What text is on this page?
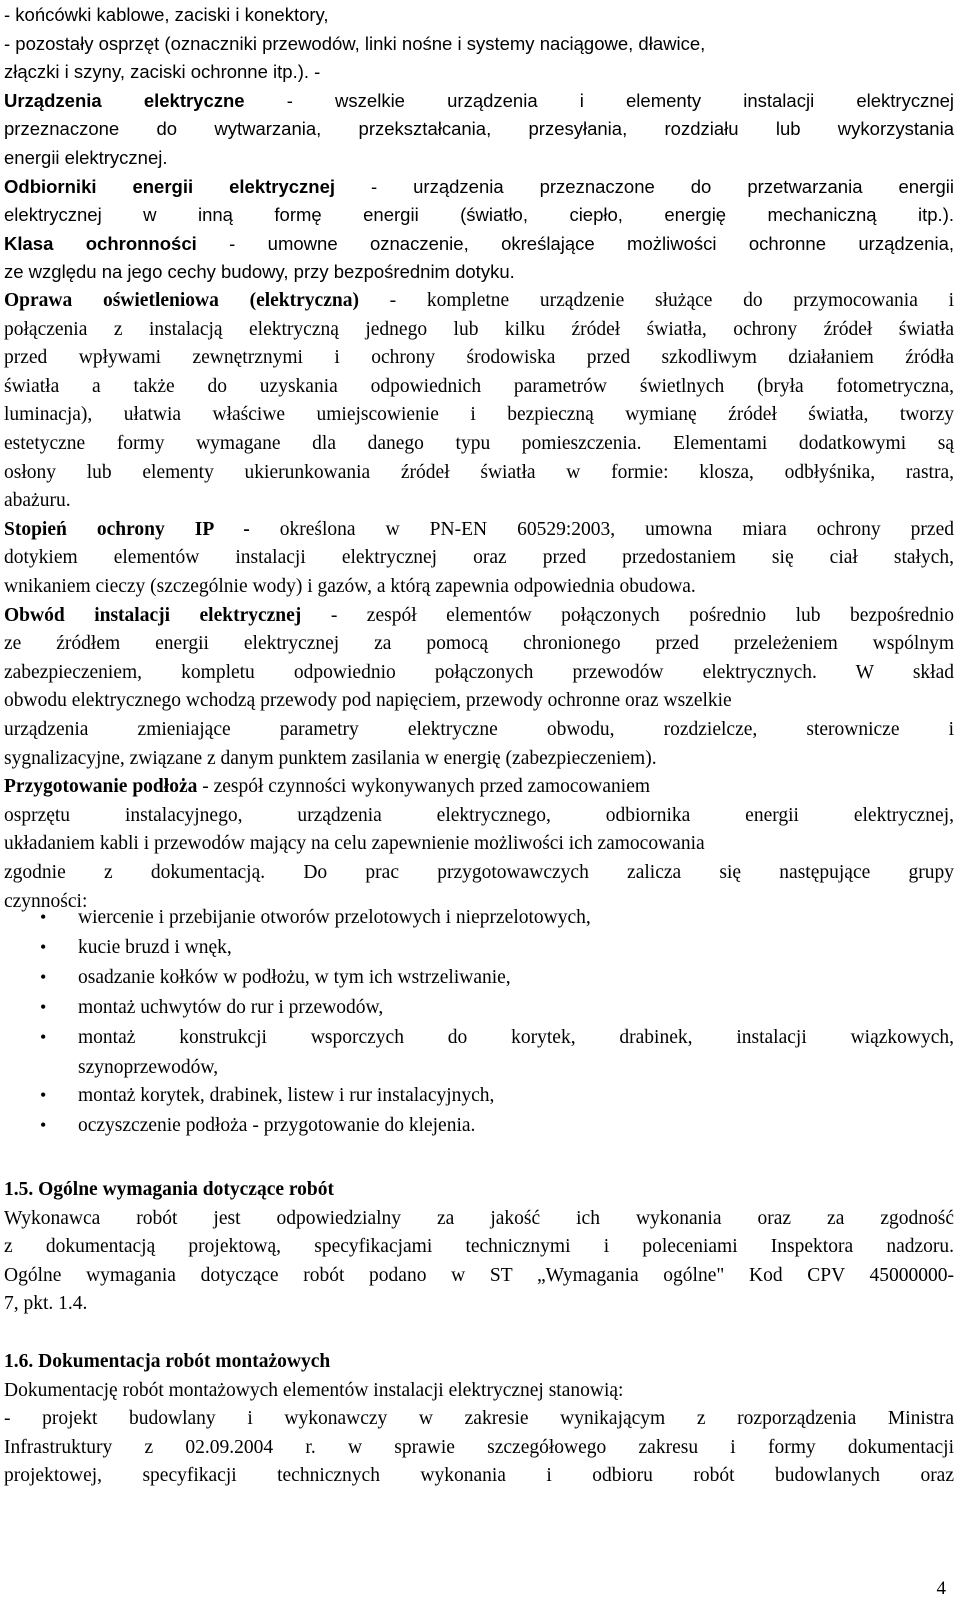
- końcówki kablowe, zaciski i konektory,
- pozostały osprzęt (oznaczniki przewodów, linki nośne i systemy naciągowe, dławice,
złączki i szyny, zaciski ochronne itp.). -
Urządzenia elektryczne - wszelkie urządzenia i elementy instalacji elektrycznej
przeznaczone do wytwarzania, przekształcania, przesyłania, rozdziału lub wykorzystania
energii elektrycznej.
Odbiorniki energii elektrycznej - urządzenia przeznaczone do przetwarzania energii
elektrycznej w inną formę energii (światło, ciepło, energię mechaniczną itp.).
Klasa ochronności - umowne oznaczenie, określające możliwości ochronne urządzenia,
ze względu na jego cechy budowy, przy bezpośrednim dotyku.
Oprawa oświetleniowa (elektryczna) - kompletne urządzenie służące do przymocowania i
połączenia z instalacją elektryczną jednego lub kilku źródeł światła, ochrony źródeł światła
przed wpływami zewnętrznymi i ochrony środowiska przed szkodliwym działaniem źródła
światła a także do uzyskania odpowiednich parametrów świetlnych (bryła fotometryczna,
luminacja), ułatwia właściwe umiejscowienie i bezpieczną wymianę źródeł światła, tworzy
estetyczne formy wymagane dla danego typu pomieszczenia. Elementami dodatkowymi są
osłony lub elementy ukierunkowania źródeł światła w formie: klosza, odbłyśnika, rastra,
abażuru.
Stopień ochrony IP - określona w PN-EN 60529:2003, umowna miara ochrony przed
dotykiem elementów instalacji elektrycznej oraz przed przedostaniem się ciał stałych,
wnikaniem cieczy (szczególnie wody) i gazów, a którą zapewnia odpowiednia obudowa.
Obwód instalacji elektrycznej - zespół elementów połączonych pośrednio lub bezpośrednio
ze źródłem energii elektrycznej za pomocą chronionego przed przeleżeniem wspólnym
zabezpieczeniem, kompletu odpowiednio połączonych przewodów elektrycznych. W skład
obwodu elektrycznego wchodzą przewody pod napięciem, przewody ochronne oraz wszelkie
urządzenia zmieniające parametry elektryczne obwodu, rozdzielcze, sterownicze i
sygnalizacyjne, związane z danym punktem zasilania w energię (zabezpieczeniem).
Przygotowanie podłoża - zespół czynności wykonywanych przed zamocowaniem
osprzętu instalacyjnego, urządzenia elektrycznego, odbiornika energii elektrycznej,
układaniem kabli i przewodów mający na celu zapewnienie możliwości ich zamocowania
zgodnie z dokumentacją. Do prac przygotowawczych zalicza się następujące grupy
czynności:
• wiercenie i przebijanie otworów przelotowych i nieprzelotowych,
• kucie bruzd i wnęk,
• osadzanie kołków w podłożu, w tym ich wstrzeliwanie,
• montaż uchwytów do rur i przewodów,
• montaż konstrukcji wsporczych do korytek, drabinek, instalacji wiązkowych,
szynoprzewodów,
• montaż korytek, drabinek, listew i rur instalacyjnych,
• oczyszczenie podłoża - przygotowanie do klejenia.
1.5. Ogólne wymagania dotyczące robót
Wykonawca robót jest odpowiedzialny za jakość ich wykonania oraz za zgodność
z dokumentacją projektową, specyfikacjami technicznymi i poleceniami Inspektora nadzoru.
Ogólne wymagania dotyczące robót podano w ST „Wymagania ogólne" Kod CPV 45000000-
7, pkt. 1.4.
1.6. Dokumentacja robót montażowych
Dokumentację robót montażowych elementów instalacji elektrycznej stanowią:
- projekt budowlany i wykonawczy w zakresie wynikającym z rozporządzenia Ministra
Infrastruktury z 02.09.2004 r. w sprawie szczegółowego zakresu i formy dokumentacji
projektowej, specyfikacji technicznych wykonania i odbioru robót budowlanych oraz
4
